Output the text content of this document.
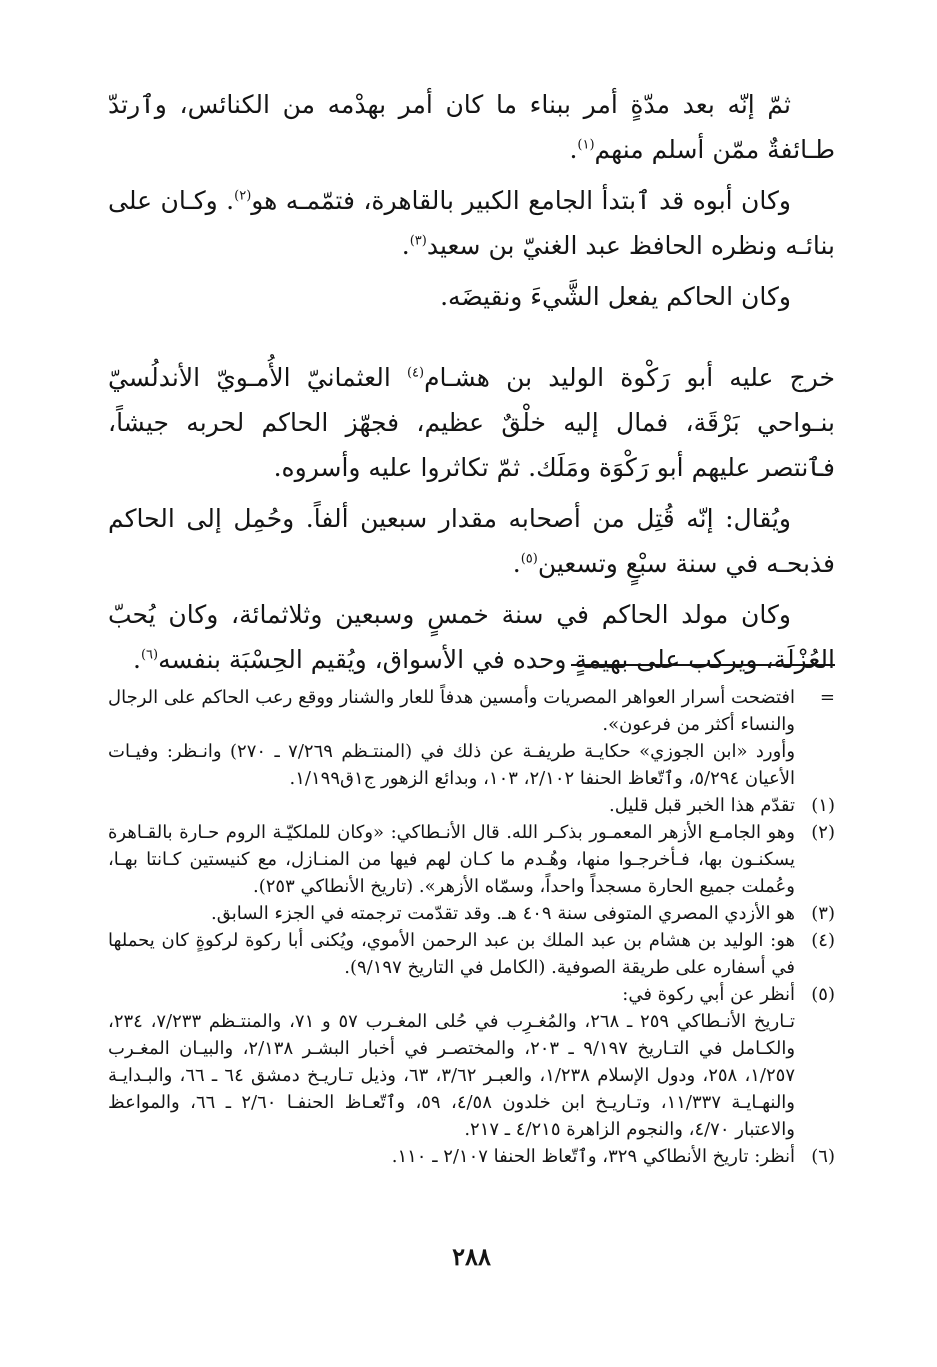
ثمّ إنّه بعد مدّةٍ أمر ببناء ما كان أمر بهدْمه من الكنائس، وٱرتدّ طـائفةٌ ممّن أسلم منهم$^{(١)}$.

وكان أبوه قد ٱبتدأ الجامع الكبير بالقاهرة، فتمّمـه هو$^{(٢)}$. وكـان على بنائـه ونظره الحافظ عبد الغنيّ بن سعيد$^{(٣)}$.

وكان الحاكم يفعل الشَّيءَ ونقيضَه.

خرج عليه أبو رَكْوة الوليد بن هشـام$^{(٤)}$ العثمانيّ الأُمـويّ الأندلُسيّ بنـواحي بَرْقَة، فمال إليه خلْقٌ عظيم، فجهّز الحاكم لحربه جيشاً، فٱنتصر عليهم أبو رَكْوَة ومَلَك. ثمّ تكاثروا عليه وأسروه.

ويُقال: إنّه قُتِل من أصحابه مقدار سبعين ألفاً. وحُمِل إلى الحاكم فذبحـه في سنة سبْعٍ وتسعين$^{(٥)}$.

وكان مولد الحاكم في سنة خمسٍ وسبعين وثلاثمائة، وكان يُحبّ العُزْلَة، ويركب على بهيمةٍ وحده في الأسواق، ويُقيم الحِسْبَة بنفسه$^{(٦)}$.

=
افتضحت أسرار العواهر المصريات وأمسين هدفاً للعار والشنار ووقع رعب الحاكم على الرجال والنساء أكثر من فرعون».
وأورد «ابن الجوزي» حكايـة طريفـة عن ذلك في (المنتـظم ٧/٢٦٩ ـ ٢٧٠) وانـظر: وفيـات الأعيان ٥/٢٩٤، وٱتّعاظ الحنفا ٢/١٠٢، ١٠٣، وبدائع الزهور ج١ق١/١٩٩.
(١)
تقدّم هذا الخبر قبل قليل.
(٢)
وهو الجامـع الأزهر المعمـور بذكـر الله. قال الأنـطاكي: «وكان للملكيّـة الروم حـارة بالقـاهرة يسكنـون بها، فـأخرجـوا منها، وهُـدم ما كـان لهم فيها من المنـازل، مع كنيستين كـانتا بهـا، وعُملت جميع الحارة مسجداً واحداً، وسمّاه الأزهر». (تاريخ الأنطاكي ٢٥٣).
(٣)
هو الأزدي المصري المتوفى سنة ٤٠٩ هـ. وقد تقدّمت ترجمته في الجزء السابق.
(٤)
هو: الوليد بن هشام بن عبد الملك بن عبد الرحمن الأموي، ويُكنى أبا ركوة لركوةٍ كان يحملها في أسفاره على طريقة الصوفية. (الكامل في التاريخ ٩/١٩٧).
(٥)
أنظر عن أبي ركوة في:
تـاريخ الأنـطاكي ٢٥٩ ـ ٢٦٨، والمُغـرِب في حُلى المغـرب ٥٧ و ٧١، والمنتـظم ٧/٢٣٣، ٢٣٤، والكـامل في التـاريخ ٩/١٩٧ ـ ٢٠٣، والمختصـر في أخبار البشـر ٢/١٣٨، والبيـان المغـرب ١/٢٥٧، ٢٥٨، ودول الإسلام ١/٢٣٨، والعبـر ٣/٦٢، ٦٣، وذيل تـاريـخ دمشق ٦٤ ـ ٦٦، والبـدايـة والنهـايـة ١١/٣٣٧، وتـاريـخ ابن خلدون ٤/٥٨، ٥٩، وٱتّعـاظ الحنفـا ٢/٦٠ ـ ٦٦، والمواعظ والاعتبار ٤/٧٠، والنجوم الزاهرة ٤/٢١٥ ـ ٢١٧.
(٦)
أنظر: تاريخ الأنطاكي ٣٢٩، وٱتّعاظ الحنفا ٢/١٠٧ ـ ١١٠.
٢٨٨
